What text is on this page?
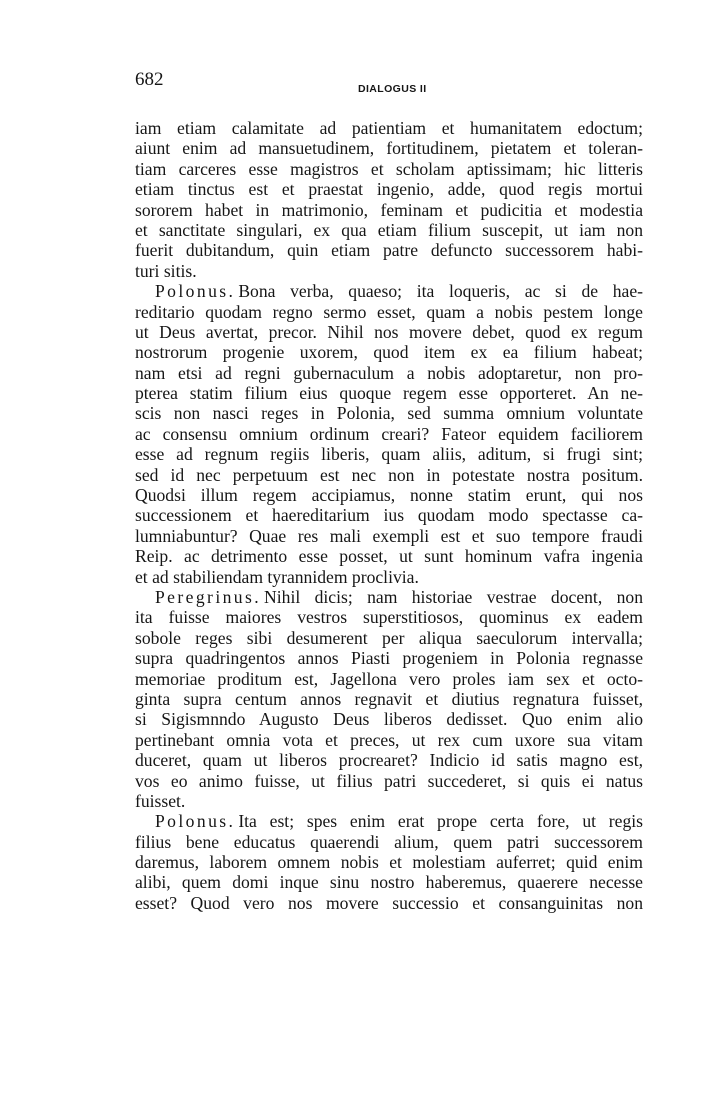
682	DIALOGUS II
iam etiam calamitate ad patientiam et humanitatem edoctum;
aiunt enim ad mansuetudinem, fortitudinem, pietatem et toleran-
tiam carceres esse magistros et scholam aptissimam; hic litteris
etiam tinctus est et praestat ingenio, adde, quod regis mortui
sororem habet in matrimonio, feminam et pudicitia et modestia
et sanctitate singulari, ex qua etiam filium suscepit, ut iam non
fuerit dubitandum, quin etiam patre defuncto successorem habi-
turi sitis.
Polonus. Bona verba, quaeso; ita loqueris, ac si de hae-
reditario quodam regno sermo esset, quam a nobis pestem longe
ut Deus avertat, precor. Nihil nos movere debet, quod ex regum
nostrorum progenie uxorem, quod item ex ea filium habeat;
nam etsi ad regni gubernaculum a nobis adoptaretur, non pro-
pterea statim filium eius quoque regem esse opporteret. An ne-
scis non nasci reges in Polonia, sed summa omnium voluntate
ac consensu omnium ordinum creari? Fateor equidem faciliorem
esse ad regnum regiis liberis, quam aliis, aditum, si frugi sint;
sed id nec perpetuum est nec non in potestate nostra positum.
Quodsi illum regem accipiamus, nonne statim erunt, qui nos
successionem et haereditarium ius quodam modo spectasse ca-
lumniabuntur? Quae res mali exempli est et suo tempore fraudi
Reip. ac detrimento esse posset, ut sunt hominum vafra ingenia
et ad stabiliendam tyrannidem proclivia.
Peregrinus. Nihil dicis; nam historiae vestrae docent, non
ita fuisse maiores vestros superstitiosos, quominus ex eadem
sobole reges sibi desumerent per aliqua saeculorum intervalla;
supra quadringentos annos Piasti progeniem in Polonia regnasse
memoriae proditum est, Jagellona vero proles iam sex et octo-
ginta supra centum annos regnavit et diutius regnatura fuisset,
si Sigismnndo Augusto Deus liberos dedisset. Quo enim alio
pertinebant omnia vota et preces, ut rex cum uxore sua vitam
duceret, quam ut liberos procrearet? Indicio id satis magno est,
vos eo animo fuisse, ut filius patri succederet, si quis ei natus
fuisset.
Polonus. Ita est; spes enim erat prope certa fore, ut regis
filius bene educatus quaerendi alium, quem patri successorem
daremus, laborem omnem nobis et molestiam auferret; quid enim
alibi, quem domi inque sinu nostro haberemus, quaerere necesse
esset? Quod vero nos movere successio et consanguinitas non
